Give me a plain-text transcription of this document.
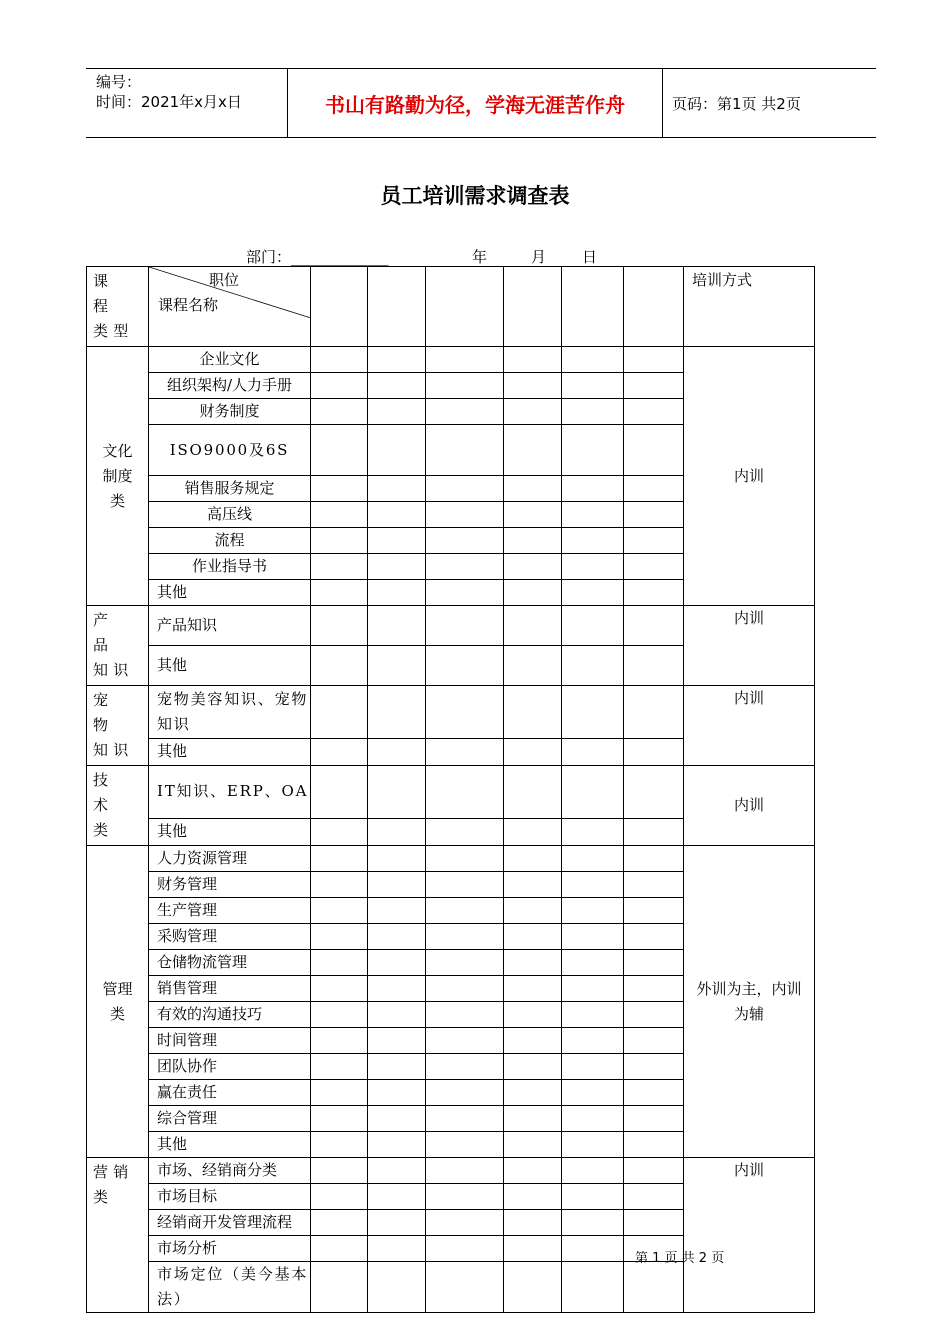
编号：
时间：2021年x月x日	书山有路勤为径，学海无涯苦作舟	页码：第1页 共2页
员工培训需求调查表
部门：_____________	年	月 日
课 程
类型	职位
课程名称							培训方式
文化
制度
类	企业文化							内训
	组织架构/人力手册							
	财务制度							
	ISO9000及6S							
	销售服务规定							
	高压线							
	流程							
	作业指导书							
	其他							
产 品
知识	产品知识							内训
	其他							
宠 物
知识	宠物美容知识、宠物知识							内训
	其他							
技 术
类	IT知识、ERP、OA							内训
	其他							
管理
类	人力资源管理							外训为主，内训为辅
	财务管理							
	生产管理							
	采购管理							
	仓储物流管理							
	销售管理							
	有效的沟通技巧							
	时间管理							
	团队协作							
	赢在责任							
	综合管理							
	其他							
营销
类	市场、经销商分类							内训
	市场目标							
	经销商开发管理流程							
	市场分析							
	市场定位（美今基本法）							
第 1 页 共 2 页
